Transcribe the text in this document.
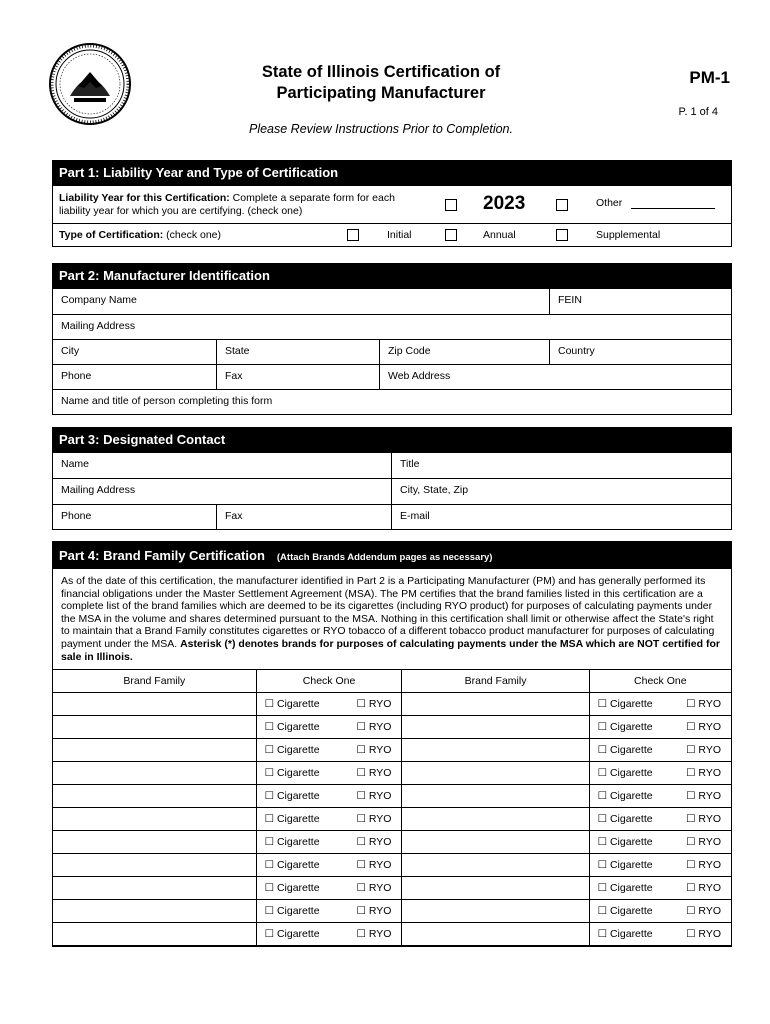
State of Illinois Certification of
Participating Manufacturer
PM-1
P. 1 of 4
Please Review Instructions Prior to Completion.
Part 1: Liability Year and Type of Certification
Liability Year for this Certification: Complete a separate form for each
liability year for which you are certifying. (check one)	2023	Other
Type of Certification: (check one)	Initial	Annual	Supplemental
Part 2: Manufacturer Identification
Company Name	FEIN
Mailing Address
City	State	Zip Code	Country
Phone	Fax	Web Address
Name and title of person completing this form
Part 3: Designated Contact
Name	Title
Mailing Address	City, State, Zip
Phone	Fax	E-mail
Part 4: Brand Family Certification (Attach Brands Addendum pages as necessary)
As of the date of this certification, the manufacturer identified in Part 2 is a Participating Manufacturer (PM) and has generally performed its financial obligations under the Master Settlement Agreement (MSA). The PM certifies that the brand families listed in this certification are a complete list of the brand families which are deemed to be its cigarettes (including RYO product) for purposes of calculating payments under the MSA in the volume and shares determined pursuant to the MSA. Nothing in this certification shall limit or otherwise affect the State's right to maintain that a Brand Family constitutes cigarettes or RYO tobacco of a different tobacco product manufacturer for purposes of calculating payment under the MSA. Asterisk (*) denotes brands for purposes of calculating payments under the MSA which are NOT certified for sale in Illinois.
Brand Family	Check One	Brand Family	Check One

	☐ Cigarette ☐ RYO		☐ Cigarette ☐ RYO

	☐ Cigarette ☐ RYO		☐ Cigarette ☐ RYO

	☐ Cigarette ☐ RYO		☐ Cigarette ☐ RYO

	☐ Cigarette ☐ RYO		☐ Cigarette ☐ RYO

	☐ Cigarette ☐ RYO		☐ Cigarette ☐ RYO

	☐ Cigarette ☐ RYO		☐ Cigarette ☐ RYO

	☐ Cigarette ☐ RYO		☐ Cigarette ☐ RYO

	☐ Cigarette ☐ RYO		☐ Cigarette ☐ RYO

	☐ Cigarette ☐ RYO		☐ Cigarette ☐ RYO

	☐ Cigarette ☐ RYO		☐ Cigarette ☐ RYO

	☐ Cigarette ☐ RYO		☐ Cigarette ☐ RYO
